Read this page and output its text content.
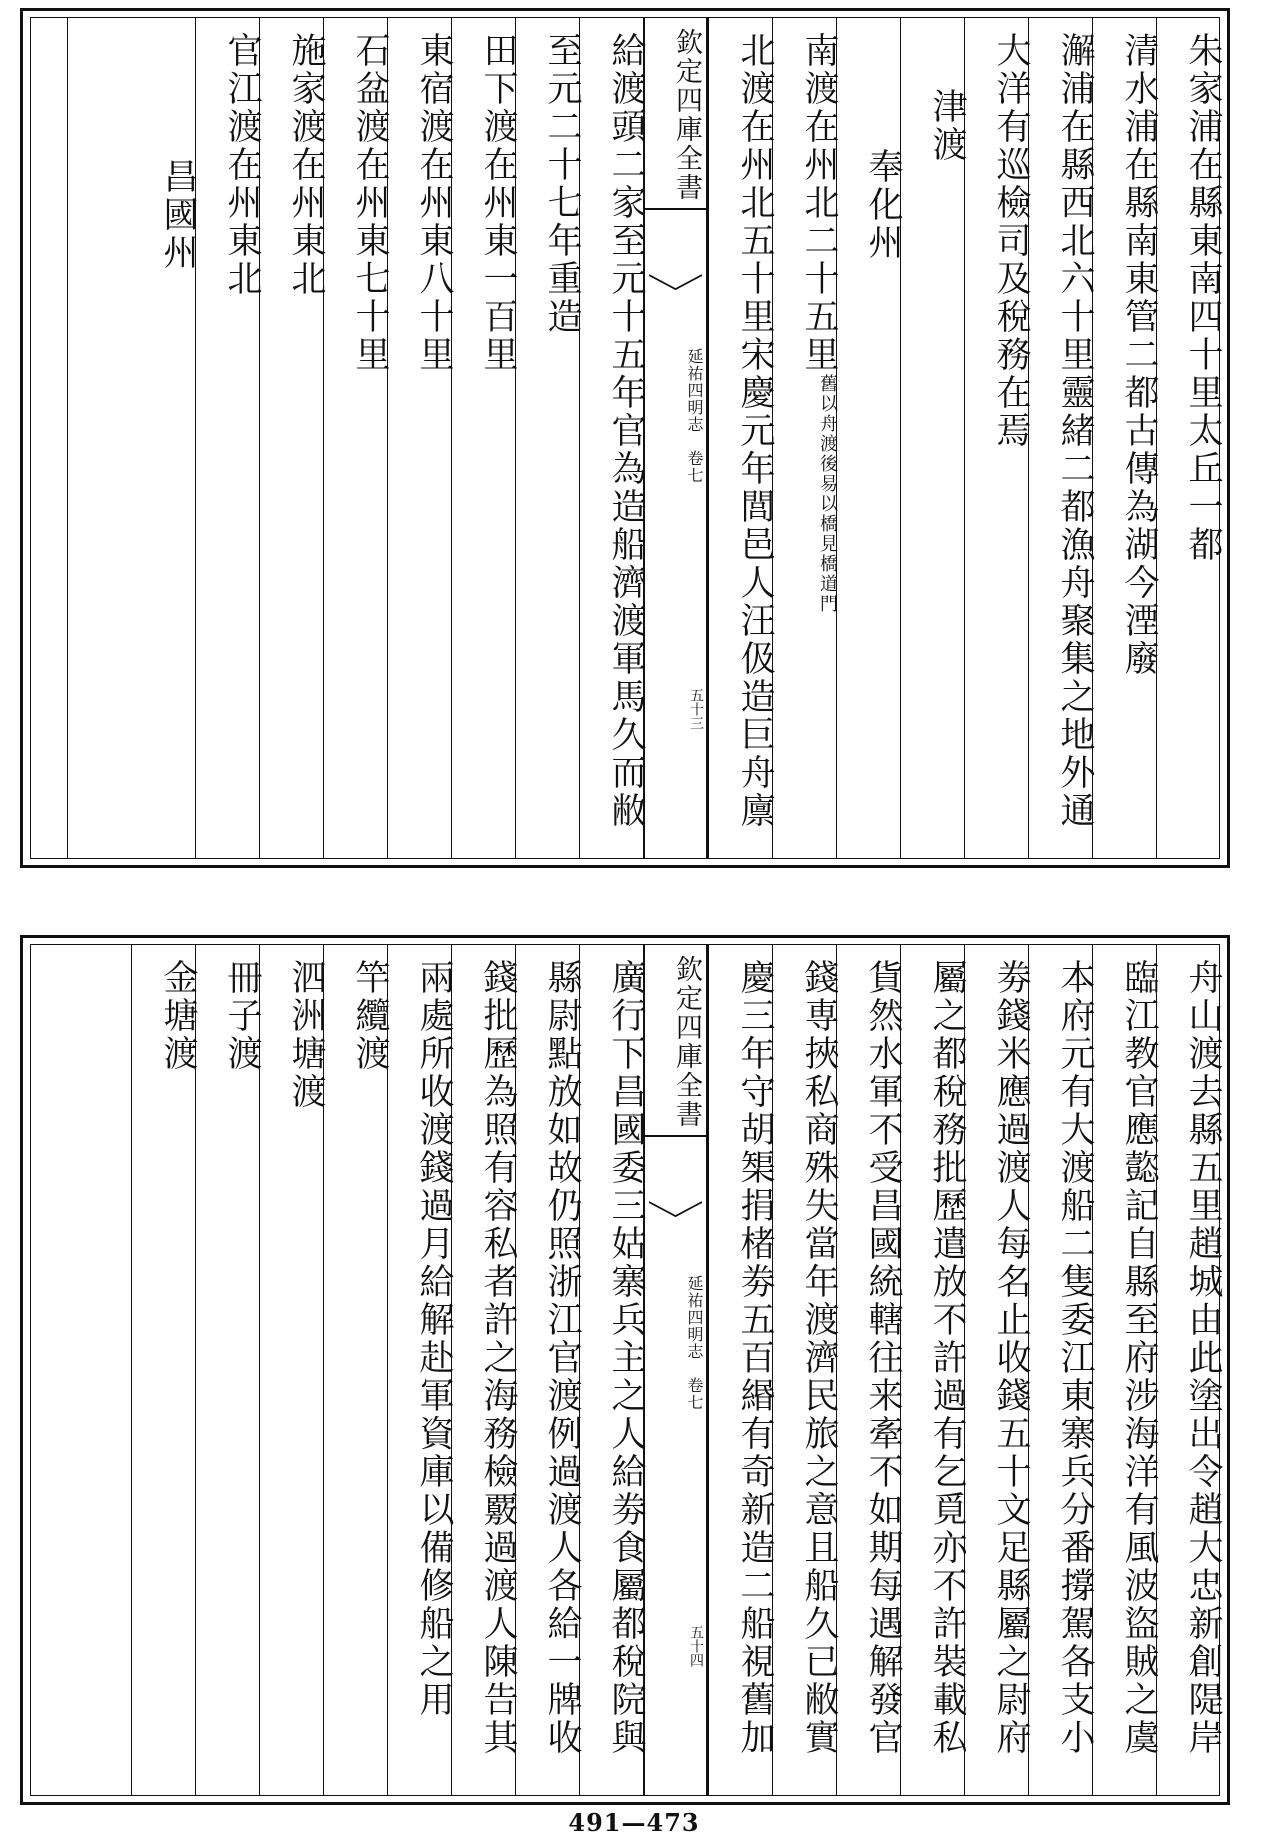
朱家浦在縣東南四十里太丘一都
清水浦在縣南東管二都古傳為湖今湮廢
澥浦在縣西北六十里靈緒二都漁舟聚集之地外通
大洋有巡檢司及稅務在焉
津渡
奉化州
南渡在州北二十五里
舊以舟渡後易以橋見橋道門
北渡在州北五十里宋慶元年閭邑人汪伋造巨舟廪
欽定四庫全書
延祐四明志　卷七
五十三
給渡頭二家至元十五年官為造船濟渡軍馬久而敝
至元二十七年重造
田下渡在州東一百里
東宿渡在州東八十里
石盆渡在州東七十里
施家渡在州東北
官江渡在州東北
昌國州
舟山渡去縣五里趙城由此塗出令趙大忠新創隄岸
臨江教官應㦤記自縣至府涉海洋有風波盜賊之虞
本府元有大渡船二隻委江東寨兵分番撐駕各支小
劵錢米應過渡人每名止收錢五十文足縣屬之尉府
屬之都稅務批歷遣放不許過有乞覓亦不許裝載私
貨然水軍不受昌國統轄往来牽不如期每遇解發官
錢専挾私商殊失當年渡濟民旅之意且船久已敝實
慶三年守胡榘捐楮劵五百緡有奇新造二船視舊加
欽定四庫全書
延祐四明志　卷七
五十四
廣行下昌國委三姑寨兵主之人給劵食屬都稅院與
縣尉點放如故仍照浙江官渡例過渡人各給一牌收
錢批歷為照有容私者許之海務檢覈過渡人陳告其
兩處所收渡錢過月給解赴軍資庫以備修船之用
竿纜渡
泗洲塘渡
冊子渡
金塘渡
491—473
